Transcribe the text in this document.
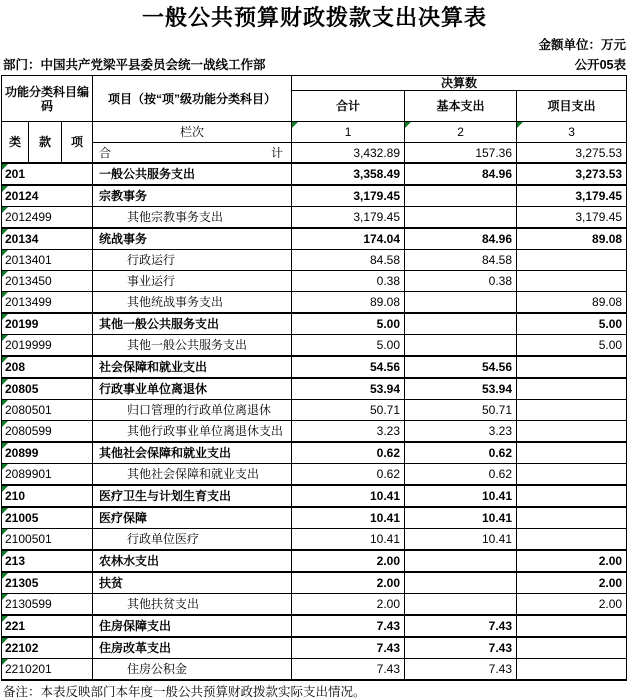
一般公共预算财政拨款支出决算表
金额单位：万元
部门：中国共产党梁平县委员会统一战线工作部	公开05表
功能分类科目编码			项目（按“项”级功能分类科目）	决算数		
				合计	基本支出	项目支出
类	款	项	栏次	1	2	3

			合 计	3,432.89	157.36	3,275.53
201			一般公共服务支出	3,358.49	84.96	3,273.53
20124			宗教事务	3,179.45		3,179.45
2012499			其他宗教事务支出	3,179.45		3,179.45
20134			统战事务	174.04	84.96	89.08
2013401			行政运行	84.58	84.58	
2013450			事业运行	0.38	0.38	
2013499			其他统战事务支出	89.08		89.08
20199			其他一般公共服务支出	5.00		5.00
2019999			其他一般公共服务支出	5.00		5.00
208			社会保障和就业支出	54.56	54.56	
20805			行政事业单位离退休	53.94	53.94	
2080501			归口管理的行政单位离退休	50.71	50.71	
2080599			其他行政事业单位离退休支出	3.23	3.23	
20899			其他社会保障和就业支出	0.62	0.62	
2089901			其他社会保障和就业支出	0.62	0.62	
210			医疗卫生与计划生育支出	10.41	10.41	
21005			医疗保障	10.41	10.41	
2100501			行政单位医疗	10.41	10.41	
213			农林水支出	2.00		2.00
21305			扶贫	2.00		2.00
2130599			其他扶贫支出	2.00		2.00
221			住房保障支出	7.43	7.43	
22102			住房改革支出	7.43	7.43	
2210201			住房公积金	7.43	7.43	
备注：本表反映部门本年度一般公共预算财政拨款实际支出情况。
